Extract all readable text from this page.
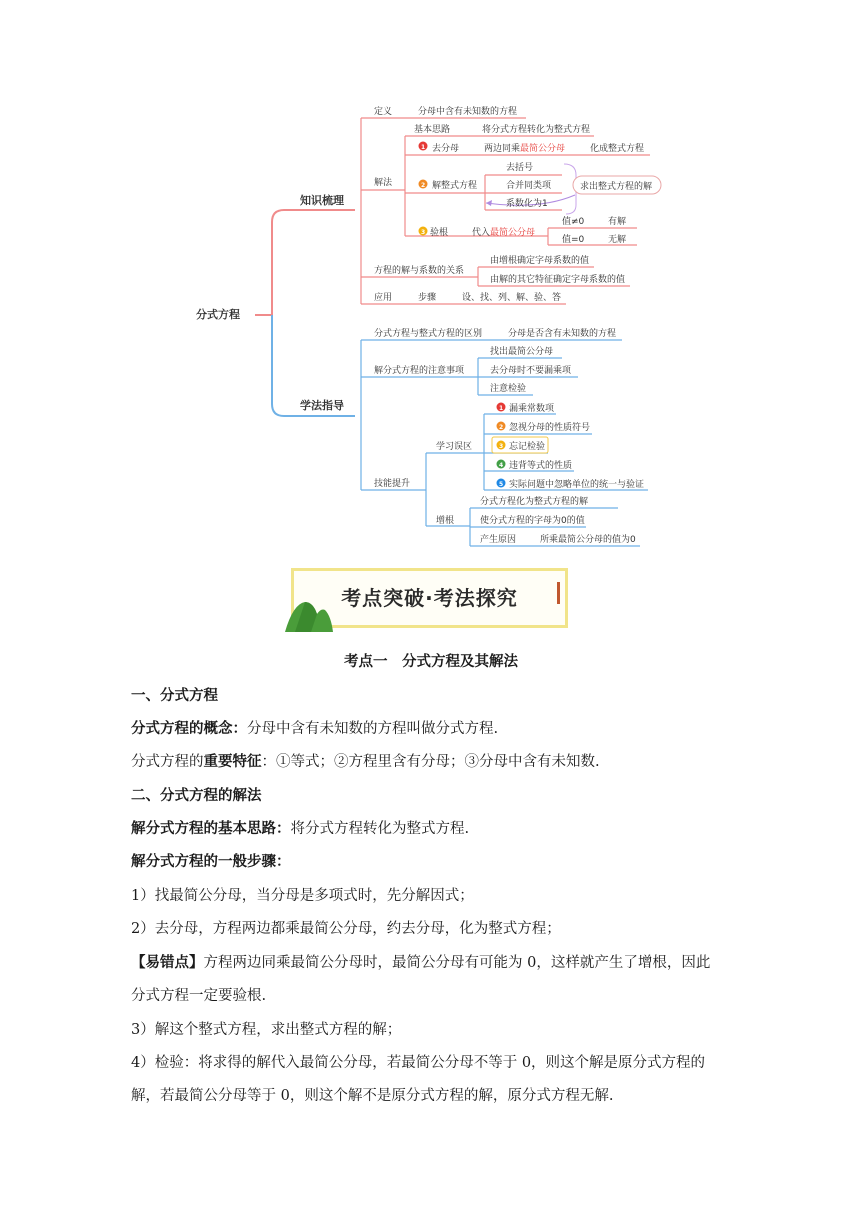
分式方程
知识梳理
学法指导
定义	分母中含有未知数的方程
解法
基本思路	将分式方程转化为整式方程
1 去分母	两边同乘 最简公分母	化成整式方程
2 解整式方程
去括号
合并同类项
系数化为1
求出整式方程的解
3 验根	代入 最简公分母
值≠0	有解
值=0	无解
方程的解与系数的关系
由增根确定字母系数的值
由解的其它特征确定字母系数的值
应用	步骤	设、找、列、解、验、答
分式方程与整式方程的区别	分母是否含有未知数的方程
解分式方程的注意事项
找出最简公分母
去分母时不要漏乘项
注意检验
技能提升
学习误区
1 漏乘常数项
2 忽视分母的性质符号
3 忘记检验
4 违背等式的性质
5 实际问题中忽略单位的统一与验证
增根
分式方程化为整式方程的解
使分式方程的字母为0的值
产生原因	所乘最简公分母的值为0
考点突破·考法探究
考点一　分式方程及其解法
一、分式方程
分式方程的概念：分母中含有未知数的方程叫做分式方程.
分式方程的重要特征：①等式；②方程里含有分母；③分母中含有未知数.
二、分式方程的解法
解分式方程的基本思路：将分式方程转化为整式方程.
解分式方程的一般步骤：
1）找最简公分母，当分母是多项式时，先分解因式；
2）去分母，方程两边都乘最简公分母，约去分母，化为整式方程；
【易错点】方程两边同乘最简公分母时，最简公分母有可能为 0，这样就产生了增根，因此
分式方程一定要验根.
3）解这个整式方程，求出整式方程的解；
4）检验：将求得的解代入最简公分母，若最简公分母不等于 0，则这个解是原分式方程的
解，若最简公分母等于 0，则这个解不是原分式方程的解，原分式方程无解.
